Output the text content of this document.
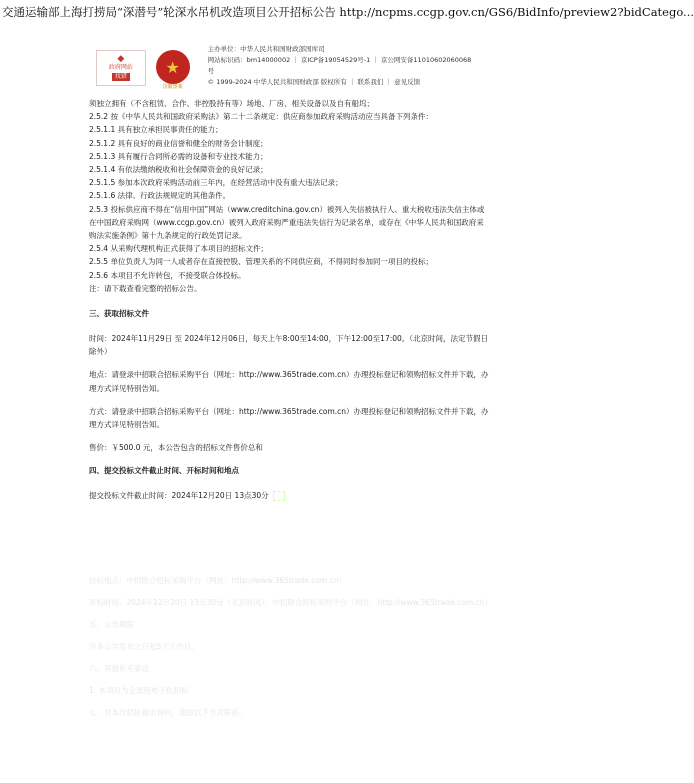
交通运输部上海打捞局“深潜号”轮深水吊机改造项目公开招标公告 http://ncpms.ccgp.gov.cn/GS6/BidInfo/preview2?bidCatego...
◆
政府网站
找错	★
国徽图案
主办单位：中华人民共和国财政部国库司
网站标识码：bm14000002 ｜ 京ICP备19054529号-1 ｜ 京公网安备11010602060068号
© 1999-2024 中华人民共和国财政部 版权所有 ｜ 联系我们 ｜ 意见反馈
须独立拥有（不含租赁、合作、非控股持有等）场地、厂房、相关设备以及自有船坞；
2.5.2 按《中华人民共和国政府采购法》第二十二条规定：供应商参加政府采购活动应当具备下列条件：
2.5.1.1 具有独立承担民事责任的能力；
2.5.1.2 具有良好的商业信誉和健全的财务会计制度；
2.5.1.3 具有履行合同所必需的设备和专业技术能力；
2.5.1.4 有依法缴纳税收和社会保障资金的良好记录；
2.5.1.5 参加本次政府采购活动前三年内，在经营活动中没有重大违法记录；
2.5.1.6 法律、行政法规规定的其他条件。
2.5.3 投标供应商不得在“信用中国”网站（www.creditchina.gov.cn）被列入失信被执行人、重大税收违法失信主体或在中国政府采购网（www.ccgp.gov.cn）被列入政府采购严重违法失信行为记录名单，或存在《中华人民共和国政府采购法实施条例》第十九条规定的行政处罚记录。
2.5.4 从采购代理机构正式获得了本项目的招标文件；
2.5.5 单位负责人为同一人或者存在直接控股、管理关系的不同供应商，不得同时参加同一项目的投标；
2.5.6 本项目不允许转包，不接受联合体投标。
注：请下载查看完整的招标公告。
三、获取招标文件
时间：2024年11月29日 至 2024年12月06日，每天上午8:00至14:00，下午12:00至17:00。（北京时间，法定节假日除外）
地点：请登录中招联合招标采购平台（网址：http://www.365trade.com.cn）办理投标登记和领购招标文件并下载，办理方式详见特别告知。
方式：请登录中招联合招标采购平台（网址：http://www.365trade.com.cn）办理投标登记和领购招标文件并下载，办理方式详见特别告知。
售价：￥500.0 元，本公告包含的招标文件售价总和
四、提交投标文件截止时间、开标时间和地点
提交投标文件截止时间：2024年12月20日 13点30分
投标地点：中招联合招标采购平台（网址：http://www.365trade.com.cn）
开标时间：2024年12月20日 13点30分（北京时间），中招联合招标采购平台（网址：http://www.365trade.com.cn）
五、公告期限
自本公告发布之日起5个工作日。
六、其他补充事宜
1. 本项目为全流程电子化招标
七、对本次招标提出询问，请按以下方式联系。
